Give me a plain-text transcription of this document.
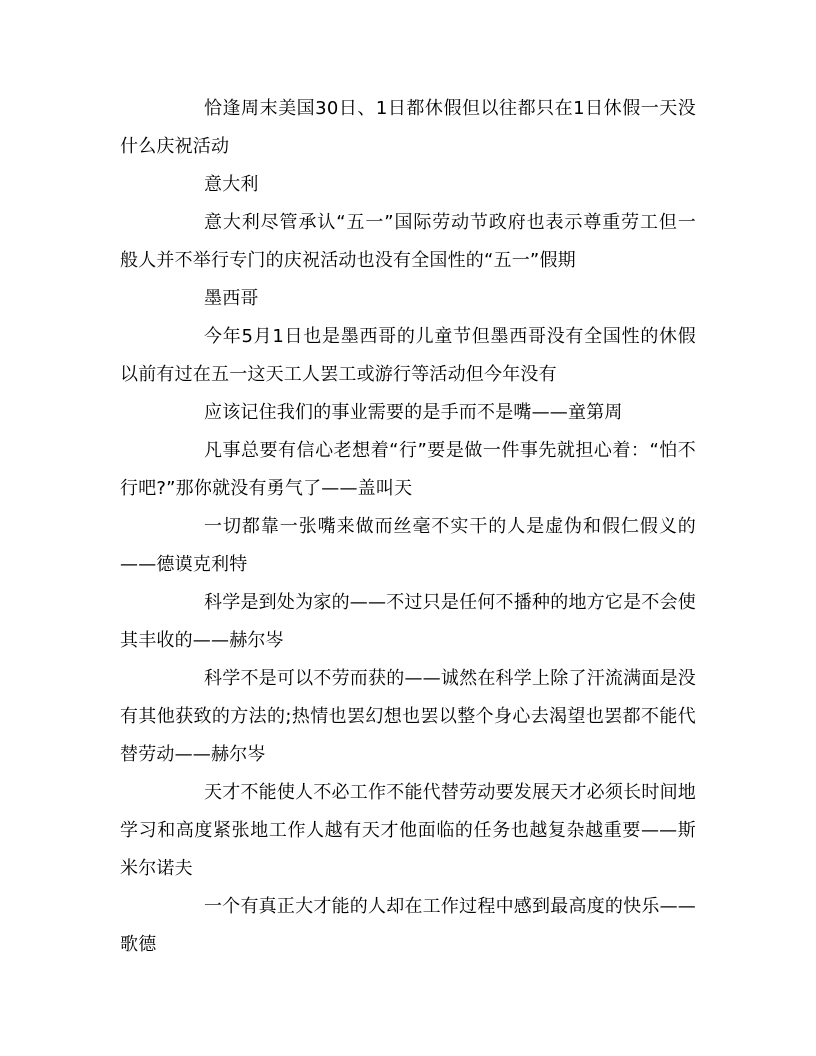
恰逢周末美国30日、1日都休假但以往都只在1日休假一天没什么庆祝活动

意大利

意大利尽管承认“五一”国际劳动节政府也表示尊重劳工但一般人并不举行专门的庆祝活动也没有全国性的“五一”假期

墨西哥

今年5月1日也是墨西哥的儿童节但墨西哥没有全国性的休假以前有过在五一这天工人罢工或游行等活动但今年没有

应该记住我们的事业需要的是手而不是嘴——童第周

凡事总要有信心老想着“行”要是做一件事先就担心着：“怕不行吧?”那你就没有勇气了——盖叫天

一切都靠一张嘴来做而丝毫不实干的人是虚伪和假仁假义的——德谟克利特

科学是到处为家的——不过只是任何不播种的地方它是不会使其丰收的——赫尔岑

科学不是可以不劳而获的——诚然在科学上除了汗流满面是没有其他获致的方法的;热情也罢幻想也罢以整个身心去渴望也罢都不能代替劳动——赫尔岑

天才不能使人不必工作不能代替劳动要发展天才必须长时间地学习和高度紧张地工作人越有天才他面临的任务也越复杂越重要——斯米尔诺夫

一个有真正大才能的人却在工作过程中感到最高度的快乐——歌德
